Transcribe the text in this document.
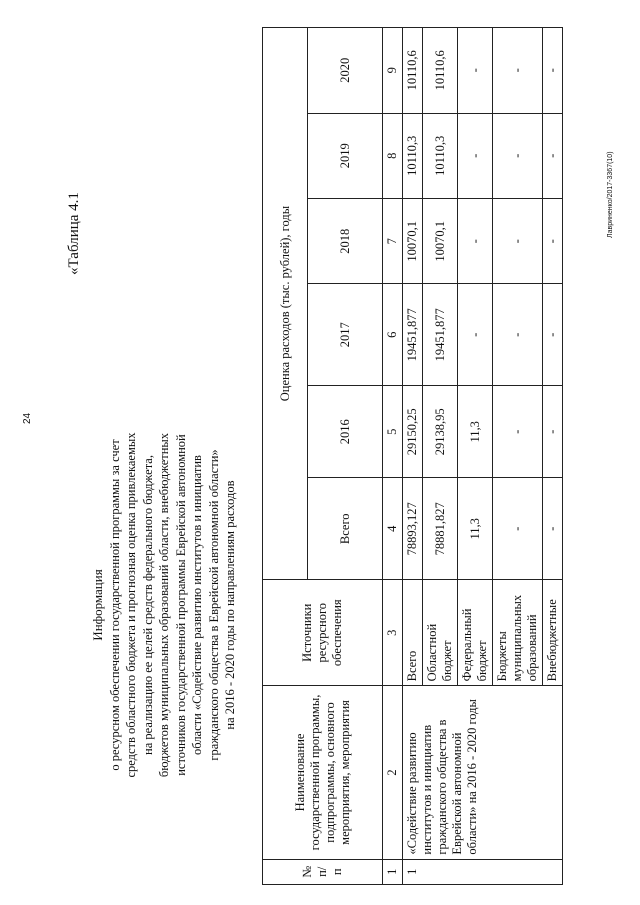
24
Лавриненко/2017-3367(10)
«Таблица 4.1
Информация о ресурсном обеспечении государственной программы за счет средств областного бюджета и прогнозная оценка привлекаемых на реализацию ее целей средств федерального бюджета, бюджетов муниципальных образований области, внебюджетных источников государственной программы Еврейской автономной области «Содействие развитию институтов и инициатив гражданского общества в Еврейской автономной области» на 2016 - 2020 годы по направлениям расходов
№ п/п	Наименование государственной программы, подпрограммы, основного мероприятия, мероприятия	Источники ресурсного обеспечения	Оценка расходов (тыс. рублей), годы					
			Всего	2016	2017	2018	2019	2020
1	2	3	4	5	6	7	8	9
1	«Содействие развитию институтов и инициатив гражданского общества в Еврейской автономной области» на 2016 - 2020 годы	Всего	78893,127	29150,25	19451,877	10070,1	10110,3	10110,6
		Областной бюджет	78881,827	29138,95	19451,877	10070,1	10110,3	10110,6
		Федеральный бюджет	11,3	11,3	-	-	-	-
		Бюджеты муниципальных образований	-	-	-	-	-	-
		Внебюджетные	-	-	-	-	-	-
